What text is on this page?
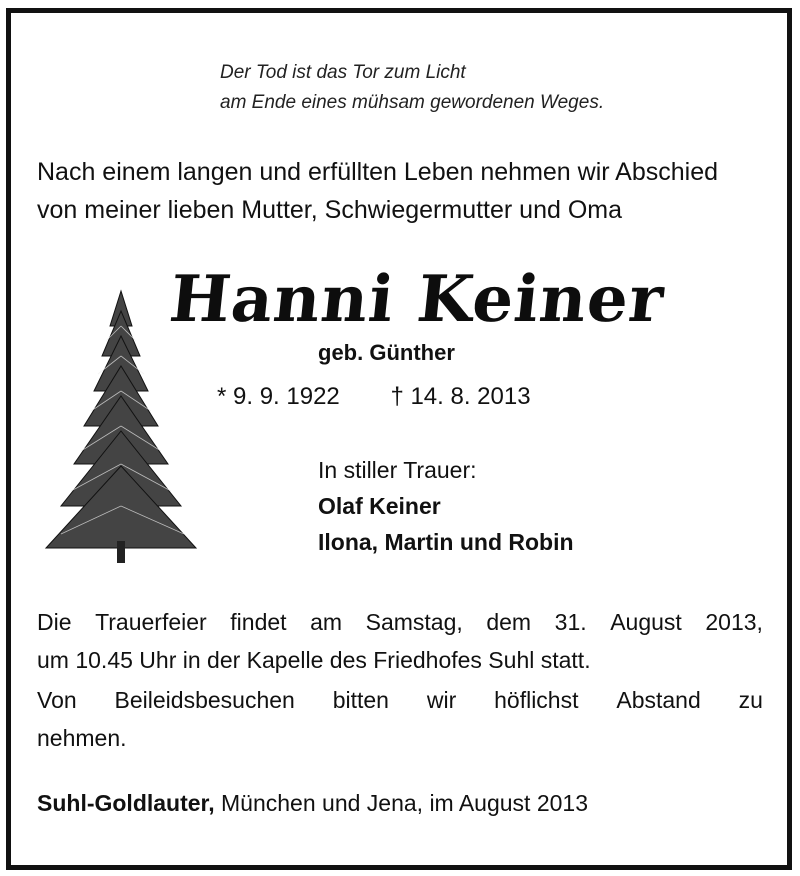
Der Tod ist das Tor zum Licht
am Ende eines mühsam gewordenen Weges.
Nach einem langen und erfüllten Leben nehmen wir Abschied
von meiner lieben Mutter, Schwiegermutter und Oma
Hanni Keiner
geb. Günther
* 9. 9. 1922 † 14. 8. 2013
In stiller Trauer:
Olaf Keiner
Ilona, Martin und Robin
Die Trauerfeier findet am Samstag, dem 31. August 2013,
um 10.45 Uhr in der Kapelle des Friedhofes Suhl statt.
Von Beileidsbesuchen bitten wir höflichst Abstand zu
nehmen.
Suhl-Goldlauter, München und Jena, im August 2013
